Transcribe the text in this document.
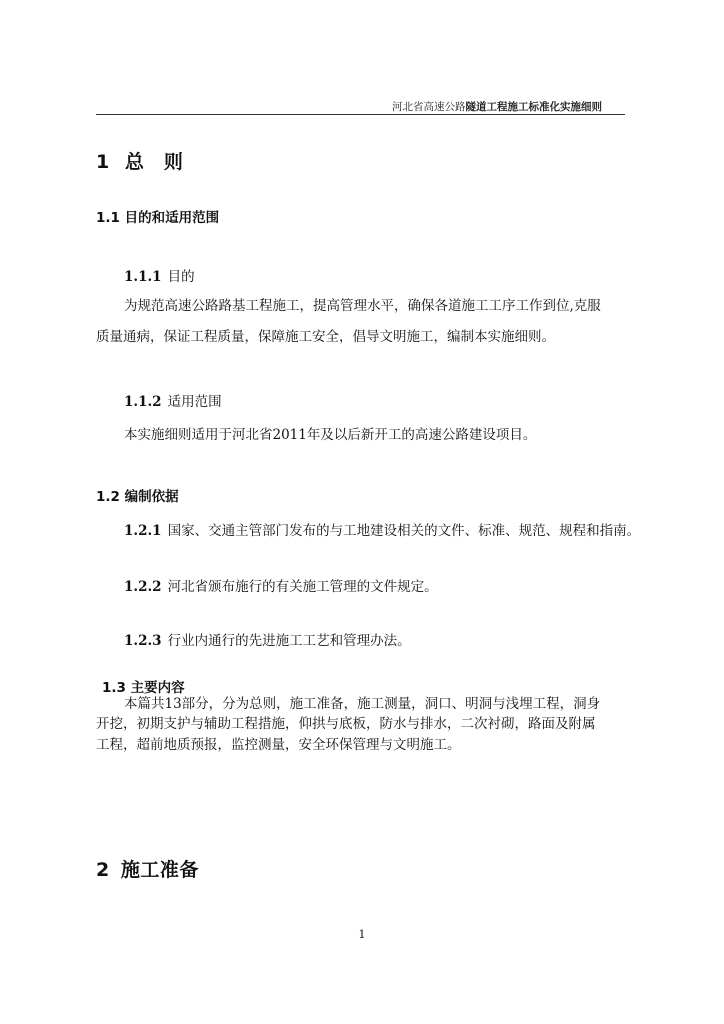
河北省高速公路隧道工程施工标准化实施细则
1 总　则
1.1 目的和适用范围
1.1.1 目的
为规范高速公路路基工程施工，提高管理水平，确保各道施工工序工作到位,克服
质量通病，保证工程质量，保障施工安全，倡导文明施工，编制本实施细则。
1.1.2 适用范围
本实施细则适用于河北省2011年及以后新开工的高速公路建设项目。
1.2 编制依据
1.2.1 国家、交通主管部门发布的与工地建设相关的文件、标准、规范、规程和指南。
1.2.2 河北省颁布施行的有关施工管理的文件规定。
1.2.3 行业内通行的先进施工工艺和管理办法。
1.3 主要内容
本篇共13部分，分为总则，施工准备，施工测量，洞口、明洞与浅埋工程，洞身
开挖，初期支护与辅助工程措施，仰拱与底板，防水与排水，二次衬砌，路面及附属
工程，超前地质预报，监控测量，安全环保管理与文明施工。
2 施工准备
1
